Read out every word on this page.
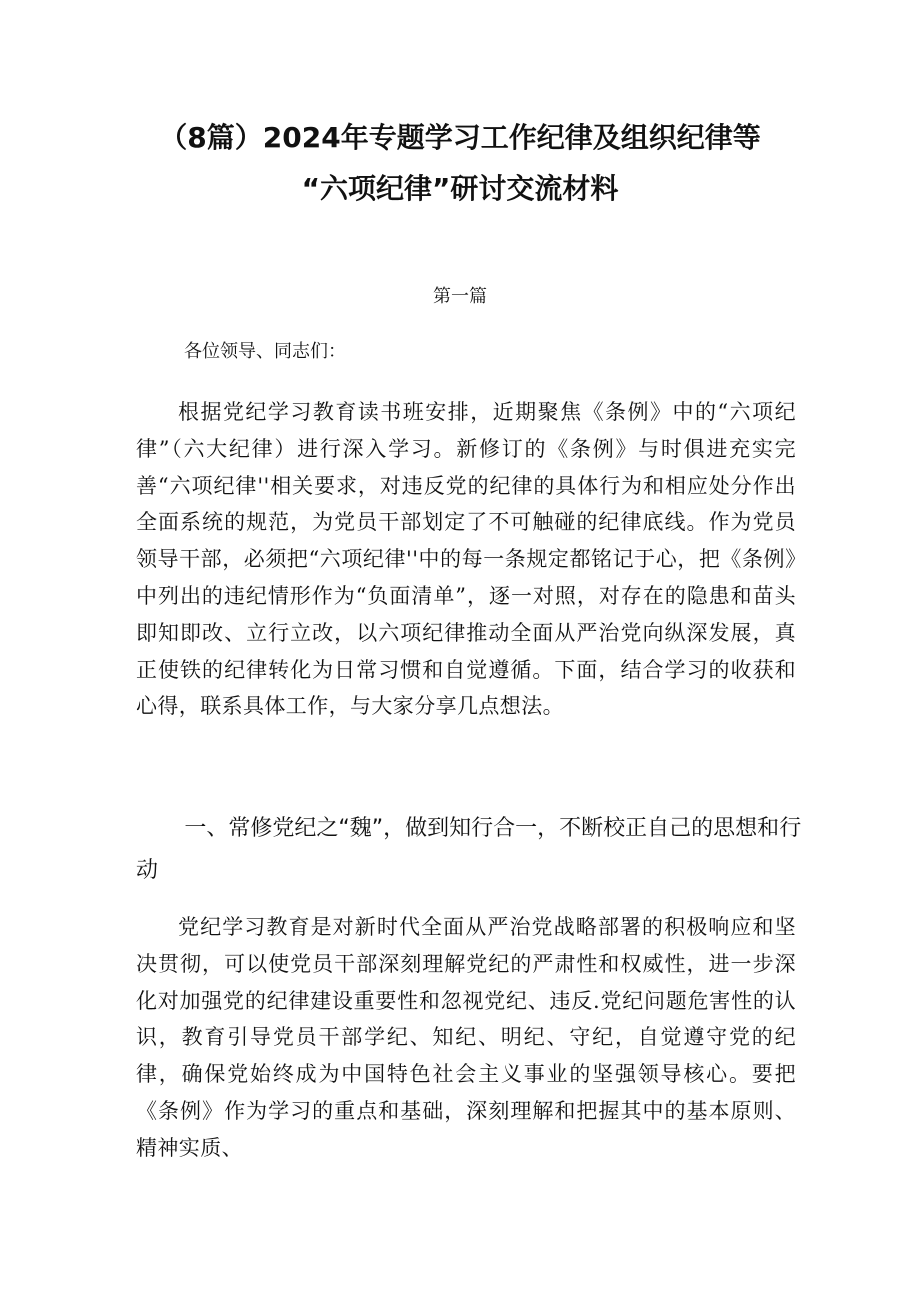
（8篇）2024年专题学习工作纪律及组织纪律等
“六项纪律”研讨交流材料
第一篇
各位领导、同志们：

根据党纪学习教育读书班安排，近期聚焦《条例》中的“六项纪律”（六大纪律）进行深入学习。新修订的《条例》与时俱进充实完善“六项纪律''相关要求，对违反党的纪律的具体行为和相应处分作出全面系统的规范，为党员干部划定了不可触碰的纪律底线。作为党员领导干部，必须把“六项纪律''中的每一条规定都铭记于心，把《条例》中列出的违纪情形作为“负面清单”，逐一对照，对存在的隐患和苗头即知即改、立行立改，以六项纪律推动全面从严治党向纵深发展，真正使铁的纪律转化为日常习惯和自觉遵循。下面，结合学习的收获和心得，联系具体工作，与大家分享几点想法。

一、常修党纪之“魏”，做到知行合一，不断校正自己的思想和行动

党纪学习教育是对新时代全面从严治党战略部署的积极响应和坚决贯彻，可以使党员干部深刻理解党纪的严肃性和权威性，进一步深化对加强党的纪律建设重要性和忽视党纪、违反.党纪问题危害性的认识，教育引导党员干部学纪、知纪、明纪、守纪，自觉遵守党的纪律，确保党始终成为中国特色社会主义事业的坚强领导核心。要把《条例》作为学习的重点和基础，深刻理解和把握其中的基本原则、精神实质、
